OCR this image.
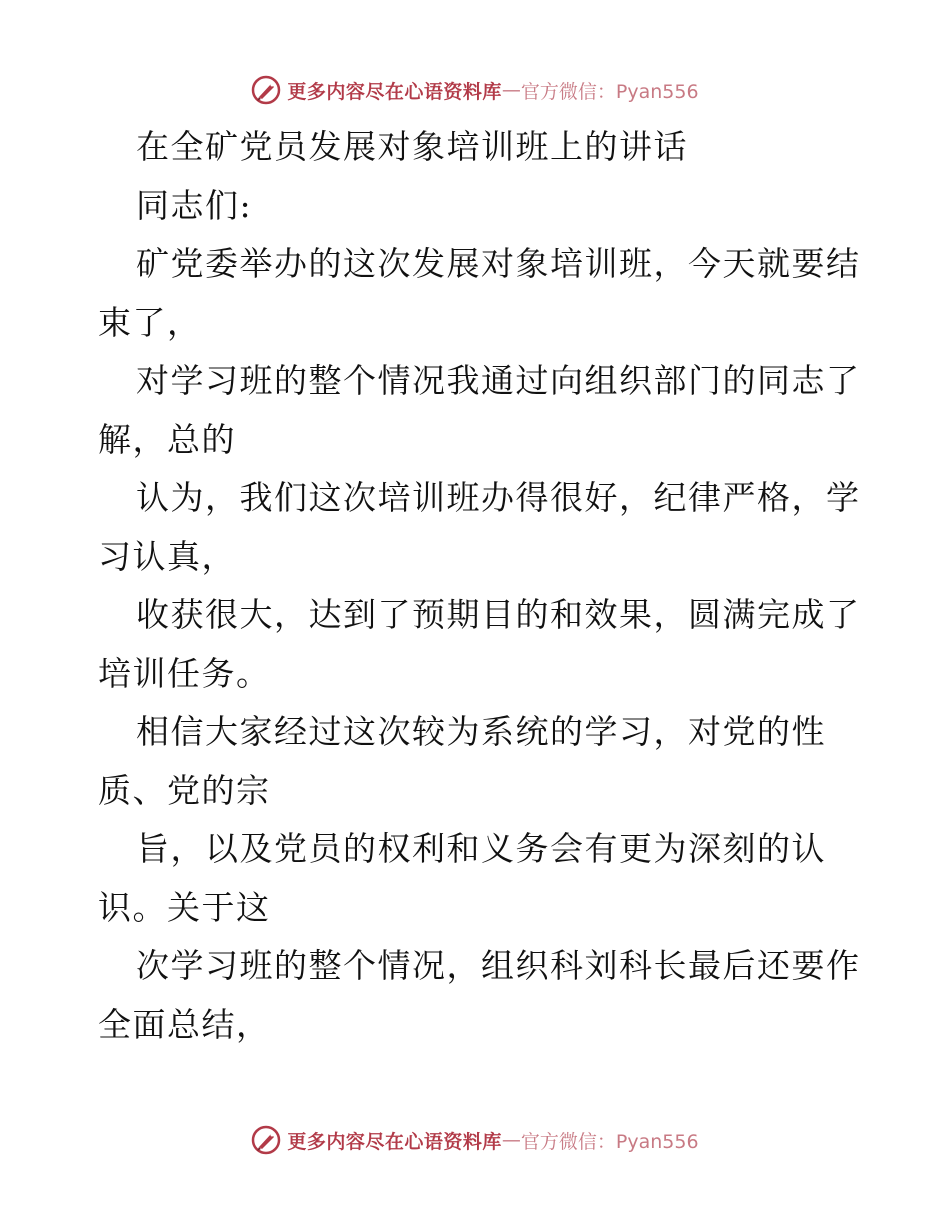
更多内容尽在心语资料库 — 官方微信：Pyan556
在全矿党员发展对象培训班上的讲话
同志们:
矿党委举办的这次发展对象培训班，今天就要结
束了，
对学习班的整个情况我通过向组织部门的同志了
解，总的
认为，我们这次培训班办得很好，纪律严格，学
习认真，
收获很大，达到了预期目的和效果，圆满完成了
培训任务。
相信大家经过这次较为系统的学习，对党的性
质、党的宗
旨，以及党员的权利和义务会有更为深刻的认
识。关于这
次学习班的整个情况，组织科刘科长最后还要作
全面总结，
更多内容尽在心语资料库 — 官方微信：Pyan556
